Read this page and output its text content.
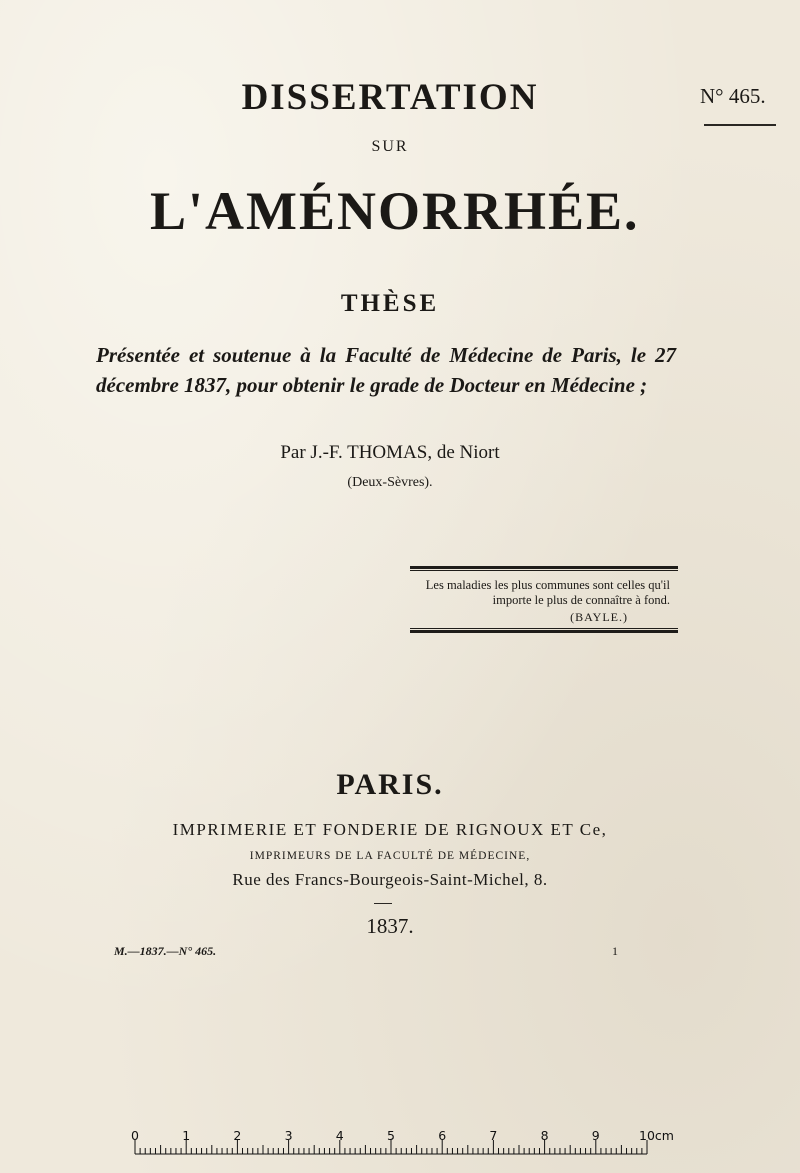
DISSERTATION	N° 465.
SUR
L'AMÉNORRHÉE.
THÈSE
Présentée et soutenue à la Faculté de Médecine de Paris, le 27 décembre 1837, pour obtenir le grade de Docteur en Médecine ;
Par J.-F. THOMAS, de Niort
(Deux-Sèvres).
Les maladies les plus communes sont celles qu'il importe le plus de connaître à fond.
(BAYLE.)
PARIS.
IMPRIMERIE ET FONDERIE DE RIGNOUX ET Ce,
IMPRIMEURS DE LA FACULTÉ DE MÉDECINE,
Rue des Francs-Bourgeois-Saint-Michel, 8.
1837.
M.—1837.—N° 465.	1
0	1	2	3	4	5	6	7	8	9	10cm
